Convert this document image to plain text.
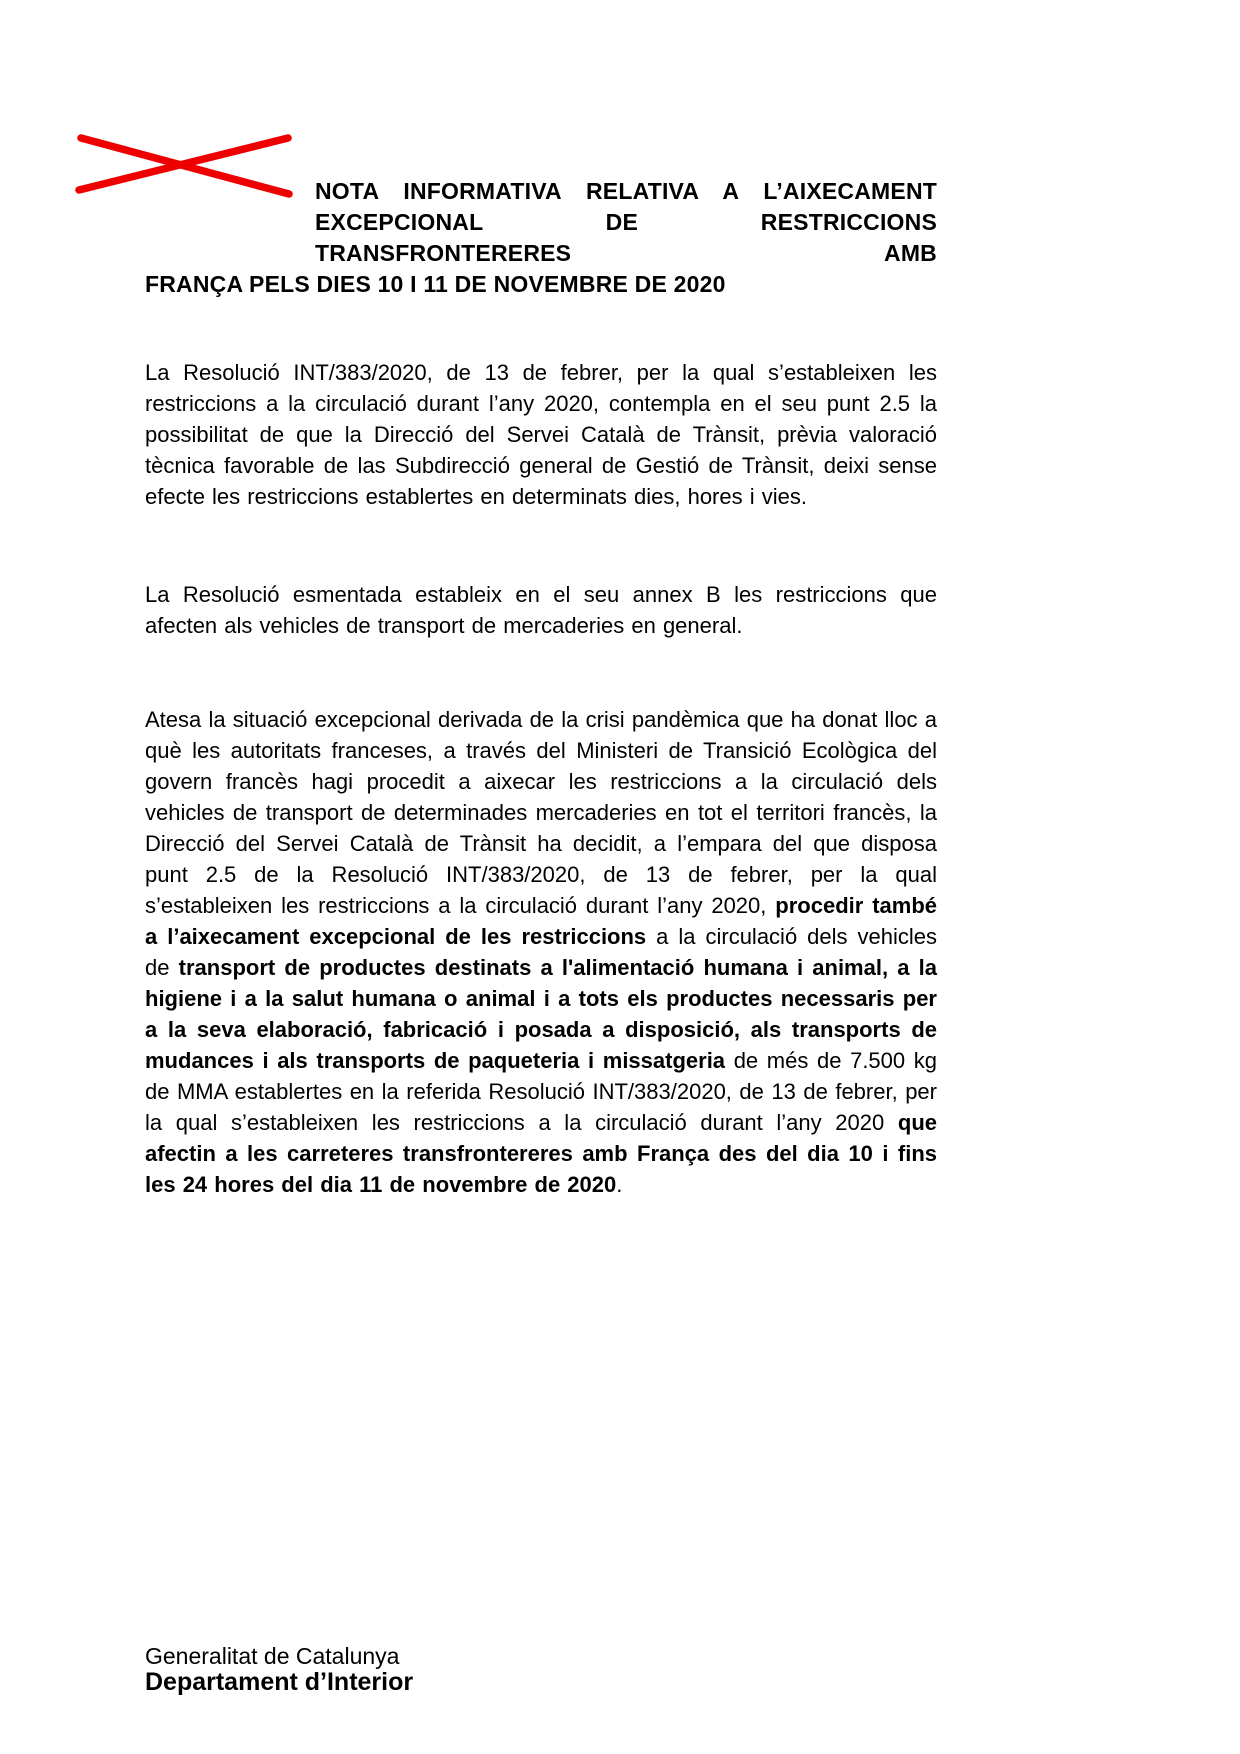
NOTA INFORMATIVA RELATIVA A L’AIXECAMENT
EXCEPCIONAL DE RESTRICCIONS TRANSFRONTERERES AMB
FRANÇA PELS DIES 10 I 11 DE NOVEMBRE DE 2020

La Resolució INT/383/2020, de 13 de febrer, per la qual s’estableixen les restriccions a la circulació durant l’any 2020, contempla en el seu punt 2.5 la possibilitat de que la Direcció del Servei Català de Trànsit, prèvia valoració tècnica favorable de las Subdirecció general de Gestió de Trànsit, deixi sense efecte les restriccions establertes en determinats dies, hores i vies.

La Resolució esmentada estableix en el seu annex B les restriccions que afecten als vehicles de transport de mercaderies en general.

Atesa la situació excepcional derivada de la crisi pandèmica que ha donat lloc a què les autoritats franceses, a través del Ministeri de Transició Ecològica del govern francès hagi procedit a aixecar les restriccions a la circulació dels vehicles de transport de determinades mercaderies en tot el territori francès, la Direcció del Servei Català de Trànsit ha decidit, a l’empara del que disposa punt 2.5 de la Resolució INT/383/2020, de 13 de febrer, per la qual s’estableixen les restriccions a la circulació durant l’any 2020, procedir també a l’aixecament excepcional de les restriccions a la circulació dels vehicles de transport de productes destinats a l'alimentació humana i animal, a la higiene i a la salut humana o animal i a tots els productes necessaris per a la seva elaboració, fabricació i posada a disposició, als transports de mudances i als transports de paqueteria i missatgeria de més de 7.500 kg de MMA establertes en la referida Resolució INT/383/2020, de 13 de febrer, per la qual s’estableixen les restriccions a la circulació durant l’any 2020 que afectin a les carreteres transfrontereres amb França des del dia 10 i fins les 24 hores del dia 11 de novembre de 2020.

Generalitat de Catalunya
Departament d’Interior
